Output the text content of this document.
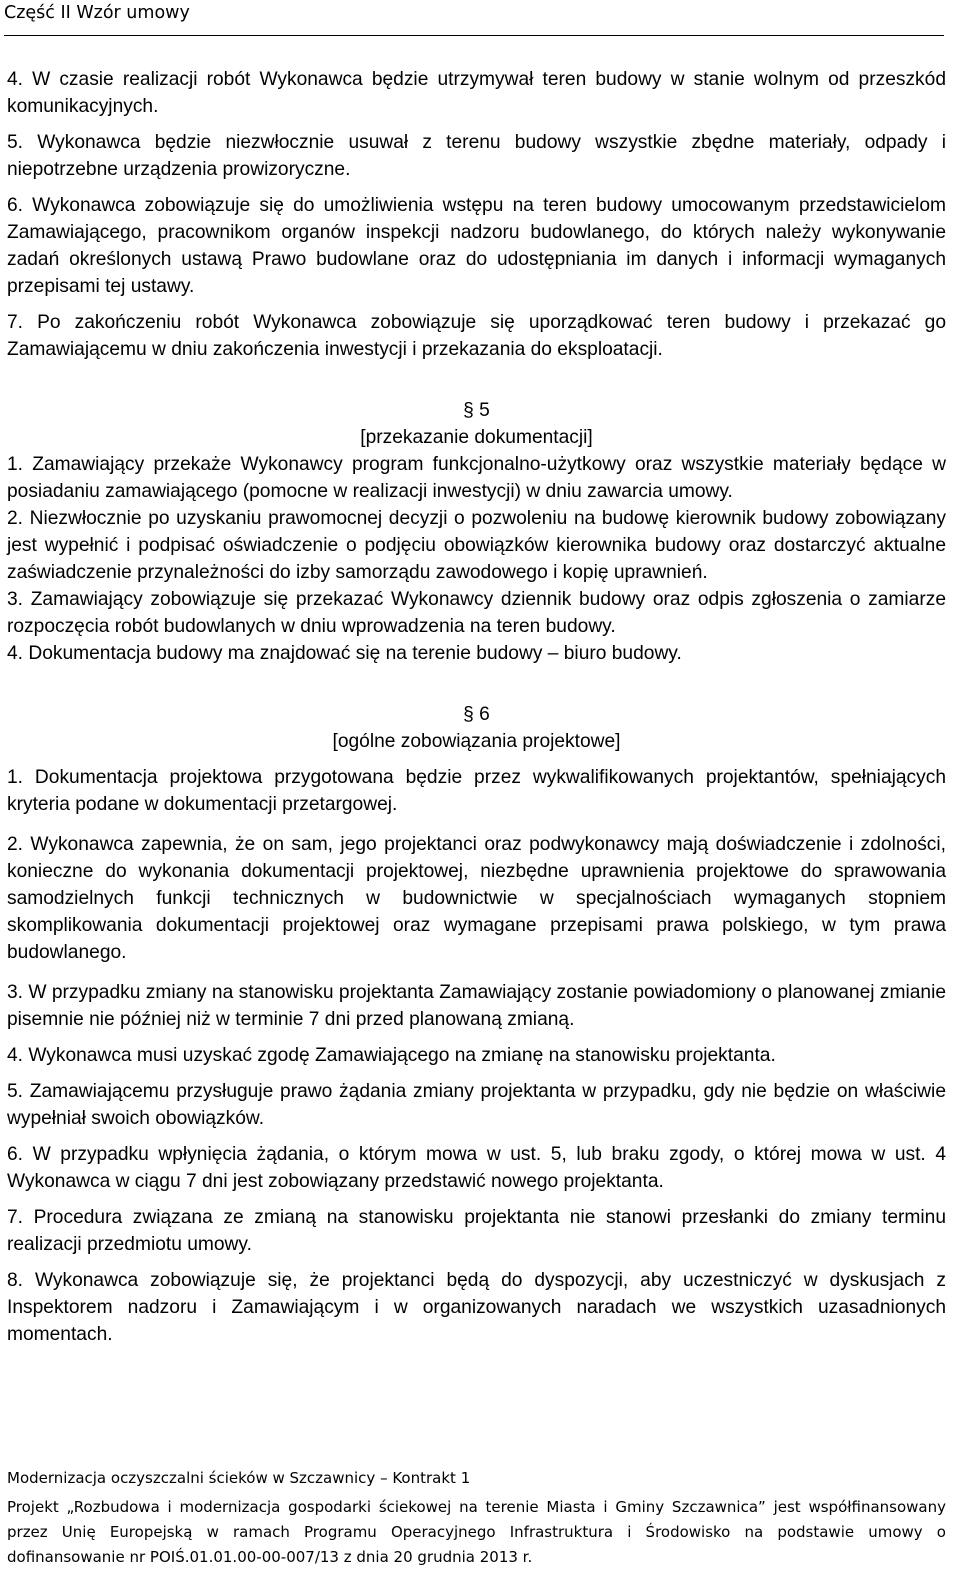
Część II Wzór umowy

4. W czasie realizacji robót Wykonawca będzie utrzymywał teren budowy w stanie wolnym od przeszkód komunikacyjnych.

5. Wykonawca będzie niezwłocznie usuwał z terenu budowy wszystkie zbędne materiały, odpady i niepotrzebne urządzenia prowizoryczne.

6. Wykonawca zobowiązuje się do umożliwienia wstępu na teren budowy umocowanym przedstawicielom Zamawiającego, pracownikom organów inspekcji nadzoru budowlanego, do których należy wykonywanie zadań określonych ustawą Prawo budowlane oraz do udostępniania im danych i informacji wymaganych przepisami tej ustawy.

7. Po zakończeniu robót Wykonawca zobowiązuje się uporządkować teren budowy i przekazać go Zamawiającemu w dniu zakończenia inwestycji i przekazania do eksploatacji.

§ 5

[przekazanie dokumentacji]

1. Zamawiający przekaże Wykonawcy program funkcjonalno-użytkowy oraz wszystkie materiały będące w posiadaniu zamawiającego (pomocne w realizacji inwestycji) w dniu zawarcia umowy.

2. Niezwłocznie po uzyskaniu prawomocnej decyzji o pozwoleniu na budowę kierownik budowy zobowiązany jest wypełnić i podpisać oświadczenie o podjęciu obowiązków kierownika budowy oraz dostarczyć aktualne zaświadczenie przynależności do izby samorządu zawodowego i kopię uprawnień.

3. Zamawiający zobowiązuje się przekazać Wykonawcy dziennik budowy oraz odpis zgłoszenia o zamiarze rozpoczęcia robót budowlanych w dniu wprowadzenia na teren budowy.

4. Dokumentacja budowy ma znajdować się na terenie budowy – biuro budowy.

§ 6

[ogólne zobowiązania projektowe]

1. Dokumentacja projektowa przygotowana będzie przez wykwalifikowanych projektantów, spełniających kryteria podane w dokumentacji przetargowej.

2. Wykonawca zapewnia, że on sam, jego projektanci oraz podwykonawcy mają doświadczenie i zdolności, konieczne do wykonania dokumentacji projektowej, niezbędne uprawnienia projektowe do sprawowania samodzielnych funkcji technicznych w budownictwie w specjalnościach wymaganych stopniem skomplikowania dokumentacji projektowej oraz wymagane przepisami prawa polskiego, w tym prawa budowlanego.

3. W przypadku zmiany na stanowisku projektanta Zamawiający zostanie powiadomiony o planowanej zmianie pisemnie nie później niż w terminie 7 dni przed planowaną zmianą.

4. Wykonawca musi uzyskać zgodę Zamawiającego na zmianę na stanowisku projektanta.

5. Zamawiającemu przysługuje prawo żądania zmiany projektanta w przypadku, gdy nie będzie on właściwie wypełniał swoich obowiązków.

6. W przypadku wpłynięcia żądania, o którym mowa w ust. 5, lub braku zgody, o której mowa w ust. 4 Wykonawca w ciągu 7 dni jest zobowiązany przedstawić nowego projektanta.

7. Procedura związana ze zmianą na stanowisku projektanta nie stanowi przesłanki do zmiany terminu realizacji przedmiotu umowy.

8. Wykonawca zobowiązuje się, że projektanci będą do dyspozycji, aby uczestniczyć w dyskusjach z Inspektorem nadzoru i Zamawiającym i w organizowanych naradach we wszystkich uzasadnionych momentach.

Modernizacja oczyszczalni ścieków w Szczawnicy – Kontrakt 1

Projekt „Rozbudowa i modernizacja gospodarki ściekowej na terenie Miasta i Gminy Szczawnica” jest współfinansowany przez Unię Europejską w ramach Programu Operacyjnego Infrastruktura i Środowisko na podstawie umowy o dofinansowanie nr POIŚ.01.01.00-00-007/13 z dnia 20 grudnia 2013 r.
